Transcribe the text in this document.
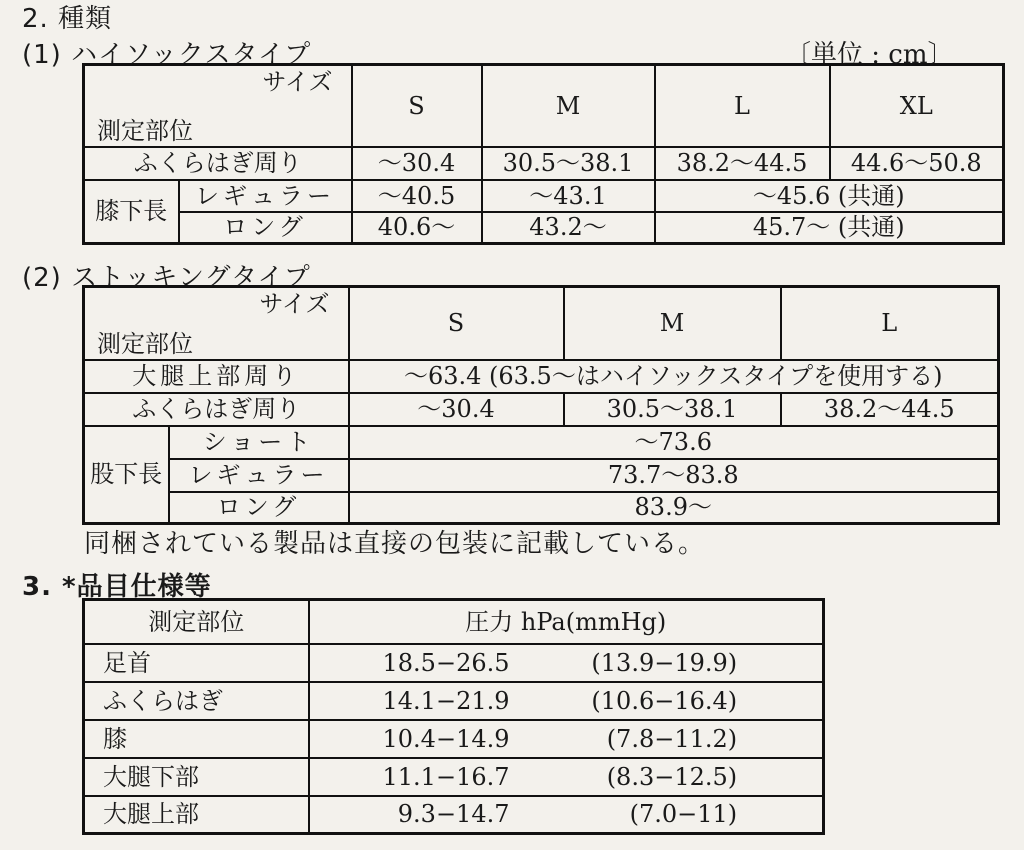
2. 種類
(1) ハイソックスタイプ	〔単位 : cm〕
サイズ
測定部位		S	M	L	XL
ふくらはぎ周り		〜30.4	30.5〜38.1	38.2〜44.5	44.6〜50.8
膝下長	レギュラー	〜40.5	〜43.1	〜45.6 (共通)	
	ロング	40.6〜	43.2〜	45.7〜 (共通)	
(2) ストッキングタイプ
サイズ
測定部位		S	M	L
大腿上部周り		〜63.4 (63.5〜はハイソックスタイプを使用する)		
ふくらはぎ周り		〜30.4	30.5〜38.1	38.2〜44.5
股下長	ショート	〜73.6		
	レギュラー	73.7〜83.8		
	ロング	83.9〜		
同梱されている製品は直接の包装に記載している。
3. *品目仕様等
測定部位	圧力 hPa(mmHg)
足首	18.5−26.5 (13.9−19.9)
ふくらはぎ	14.1−21.9 (10.6−16.4)
膝	10.4−14.9 (7.8−11.2)
大腿下部	11.1−16.7 (8.3−12.5)
大腿上部	9.3−14.7 (7.0−11)
